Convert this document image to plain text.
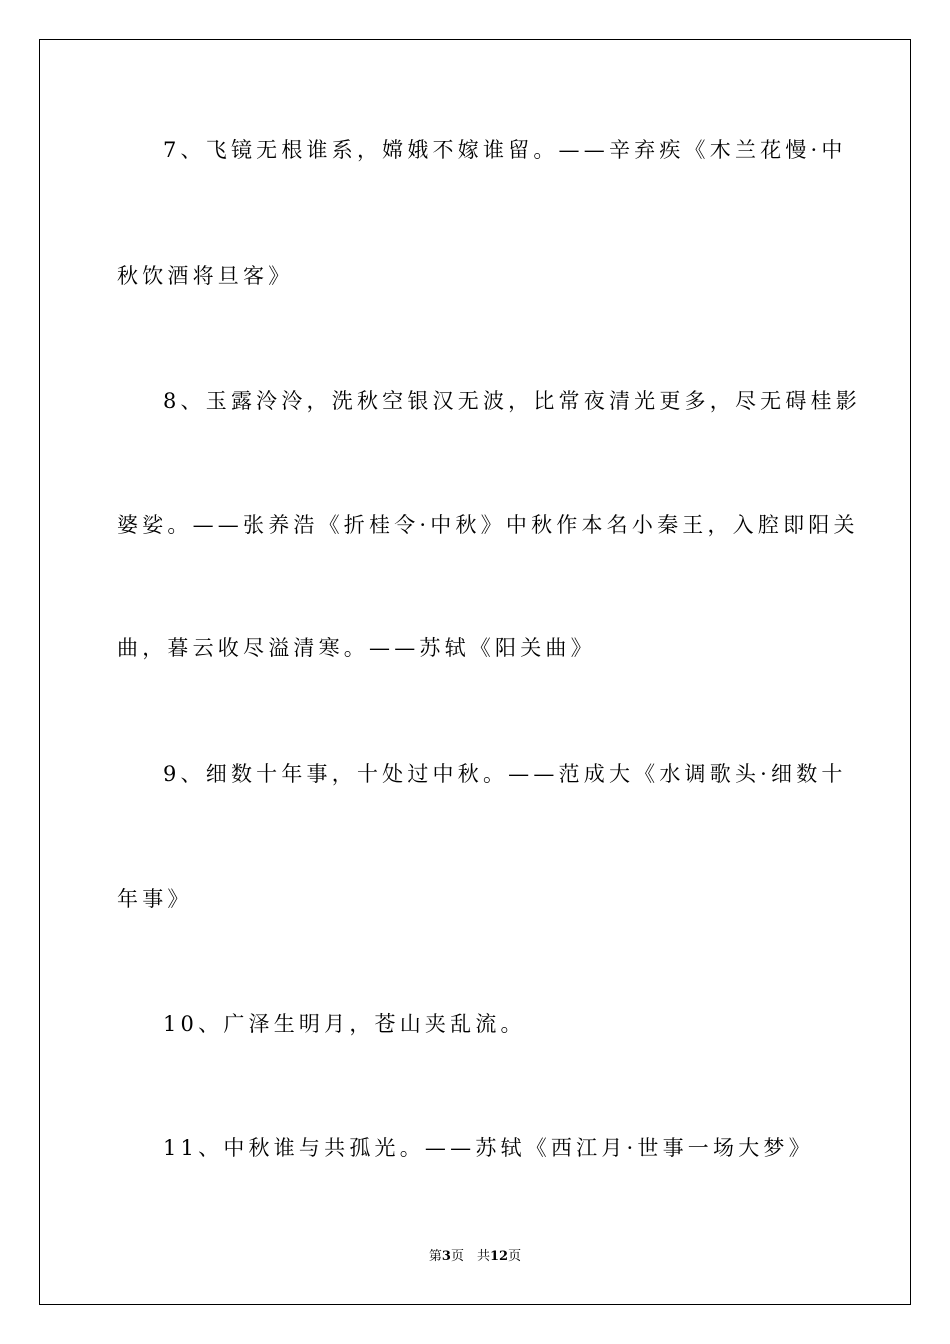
7、飞镜无根谁系，嫦娥不嫁谁留。——辛弃疾《木兰花慢·中
秋饮酒将旦客》
8、玉露泠泠，洗秋空银汉无波，比常夜清光更多，尽无碍桂影
婆娑。——张养浩《折桂令·中秋》中秋作本名小秦王，入腔即阳关
曲，暮云收尽溢清寒。——苏轼《阳关曲》
9、细数十年事，十处过中秋。——范成大《水调歌头·细数十
年事》
10、广泽生明月，苍山夹乱流。
11、中秋谁与共孤光。——苏轼《西江月·世事一场大梦》
第3页　共12页
